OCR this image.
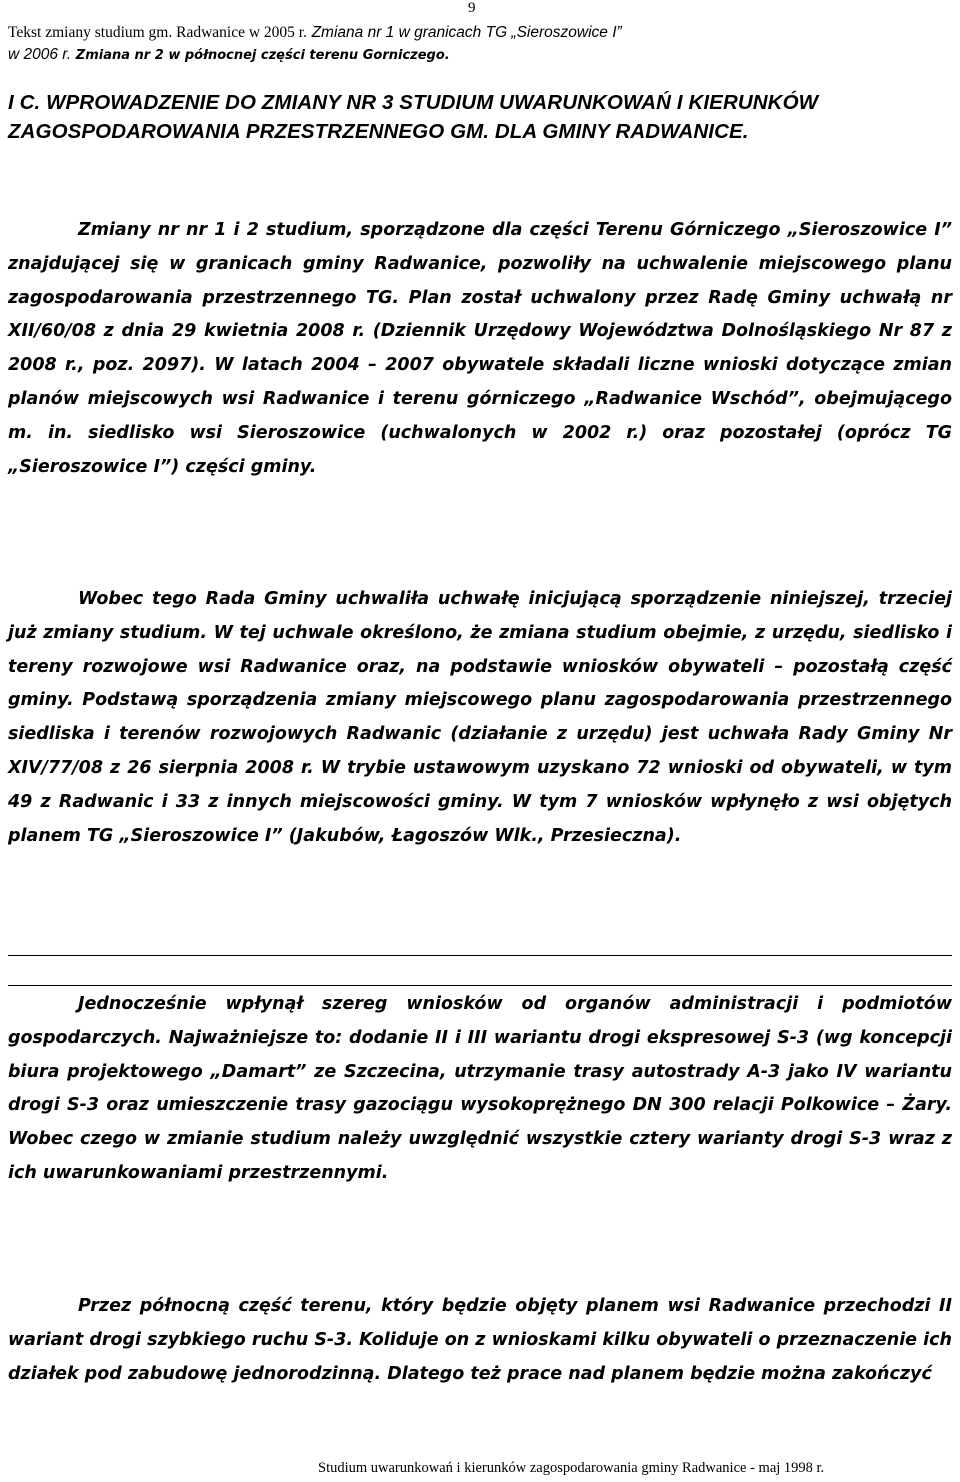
9
Tekst zmiany studium gm. Radwanice w 2005 r. Zmiana nr 1 w granicach TG „Sieroszowice I”
w 2006 r. Zmiana nr 2 w północnej części terenu Gorniczego.
I C. WPROWADZENIE DO ZMIANY NR 3 STUDIUM UWARUNKOWAŃ I KIERUNKÓW ZAGOSPODAROWANIA PRZESTRZENNEGO GM. DLA GMINY RADWANICE.

Zmiany nr nr 1 i 2 studium, sporządzone dla części Terenu Górniczego „Sieroszowice I” znajdującej się w granicach gminy Radwanice, pozwoliły na uchwalenie miejscowego planu zagospodarowania przestrzennego TG. Plan został uchwalony przez Radę Gminy uchwałą nr XII/60/08 z dnia 29 kwietnia 2008 r. (Dziennik Urzędowy Województwa Dolnośląskiego Nr 87 z 2008 r., poz. 2097). W latach 2004 – 2007 obywatele składali liczne wnioski dotyczące zmian planów miejscowych wsi Radwanice i terenu górniczego „Radwanice Wschód”, obejmującego m. in. siedlisko wsi Sieroszowice (uchwalonych w 2002 r.) oraz pozostałej (oprócz TG „Sieroszowice I”) części gminy.

Wobec tego Rada Gminy uchwaliła uchwałę inicjującą sporządzenie niniejszej, trzeciej już zmiany studium. W tej uchwale określono, że zmiana studium obejmie, z urzędu, siedlisko i tereny rozwojowe wsi Radwanice oraz, na podstawie wniosków obywateli – pozostałą część gminy. Podstawą sporządzenia zmiany miejscowego planu zagospodarowania przestrzennego siedliska i terenów rozwojowych Radwanic (działanie z urzędu) jest uchwała Rady Gminy Nr XIV/77/08 z 26 sierpnia 2008 r. W trybie ustawowym uzyskano 72 wnioski od obywateli, w tym 49 z Radwanic i 33 z innych miejscowości gminy. W tym 7 wniosków wpłynęło z wsi objętych planem TG „Sieroszowice I” (Jakubów, Łagoszów Wlk., Przesieczna).

Jednocześnie wpłynął szereg wniosków od organów administracji i podmiotów gospodarczych. Najważniejsze to: dodanie II i III wariantu drogi ekspresowej S-3 (wg koncepcji biura projektowego „Damart” ze Szczecina, utrzymanie trasy autostrady A-3 jako IV wariantu drogi S-3 oraz umieszczenie trasy gazociągu wysokoprężnego DN 300 relacji Polkowice – Żary. Wobec czego w zmianie studium należy uwzględnić wszystkie cztery warianty drogi S-3 wraz z ich uwarunkowaniami przestrzennymi.

Przez północną część terenu, który będzie objęty planem wsi Radwanice przechodzi II wariant drogi szybkiego ruchu S-3. Koliduje on z wnioskami kilku obywateli o przeznaczenie ich działek pod zabudowę jednorodzinną. Dlatego też prace nad planem będzie można zakończyć

Studium uwarunkowań i kierunków zagospodarowania gminy Radwanice - maj 1998 r.
